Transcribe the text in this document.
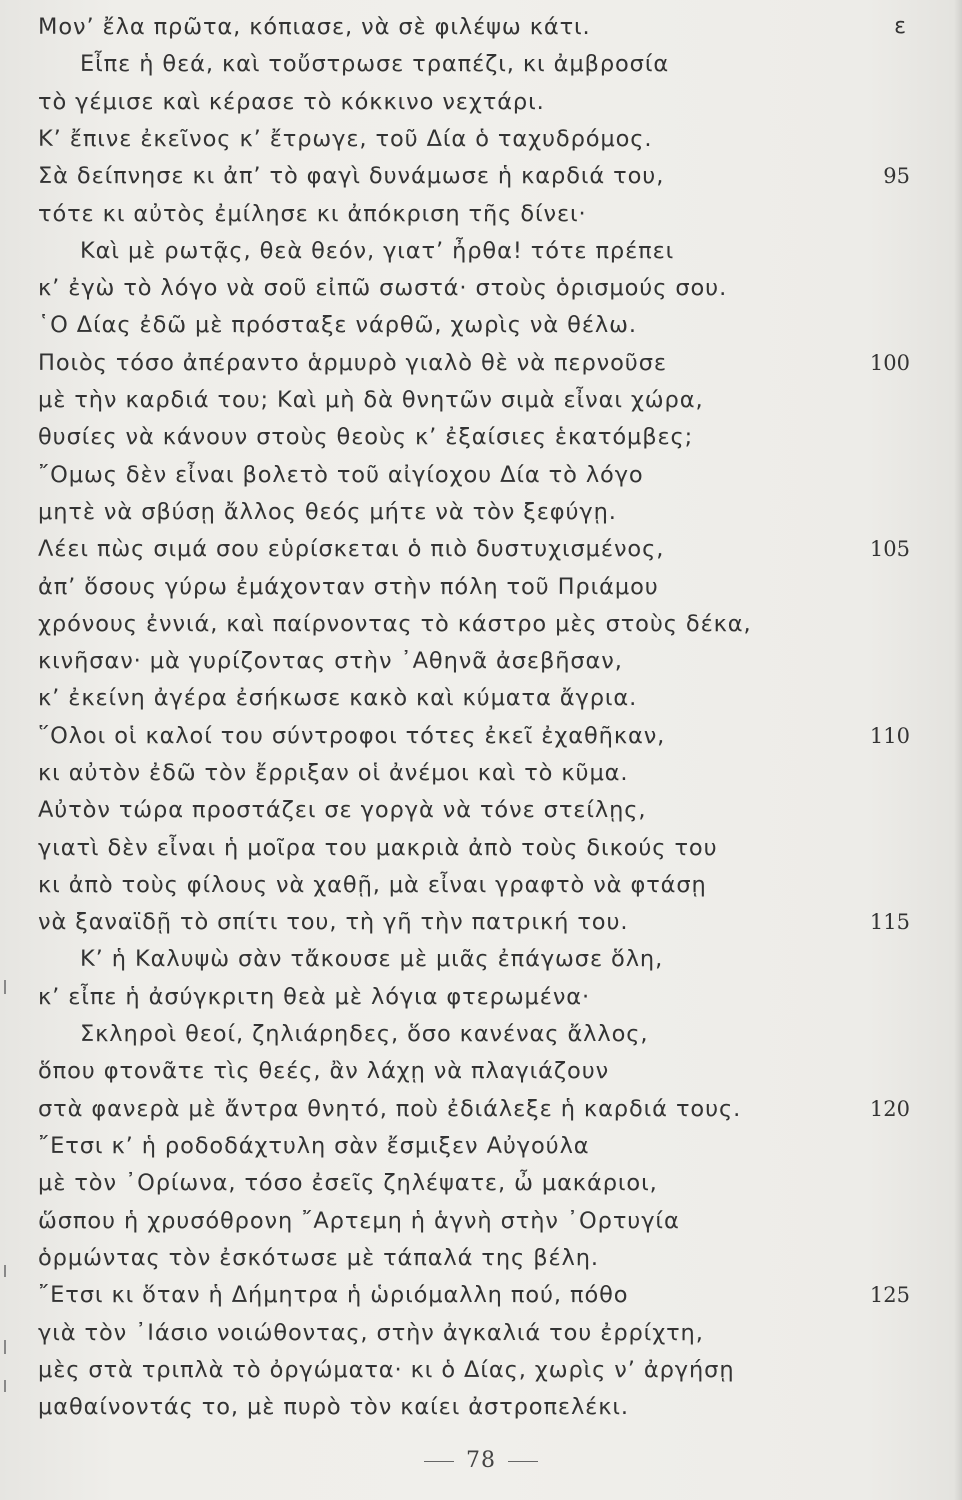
ε
Μον’ ἔλα πρῶτα, κόπιασε, νὰ σὲ φιλέψω κάτι.
Εἶπε ἡ θεά, καὶ τοὔστρωσε τραπέζι, κι ἀμβροσία
τὸ γέμισε καὶ κέρασε τὸ κόκκινο νεχτάρι.
Κ’ ἔπινε ἐκεῖνος κ’ ἔτρωγε, τοῦ Δία ὁ ταχυδρόμος.
Σὰ δείπνησε κι ἀπ’ τὸ φαγὶ δυνάμωσε ἡ καρδιά του,	95
τότε κι αὐτὸς ἐμίλησε κι ἀπόκριση τῆς δίνει·
Καὶ μὲ ρωτᾷς, θεὰ θεόν, γιατ’ ἦρθα! τότε πρέπει
κ’ ἐγὼ τὸ λόγο νὰ σοῦ εἰπῶ σωστά· στοὺς ὁρισμούς σου.
῾Ο Δίας ἐδῶ μὲ πρόσταξε νάρθῶ, χωρὶς νὰ θέλω.
Ποιὸς τόσο ἀπέραντο ἁρμυρὸ γιαλὸ θὲ νὰ περνοῦσε	100
μὲ τὴν καρδιά του; Καὶ μὴ δὰ θνητῶν σιμὰ εἶναι χώρα,
θυσίες νὰ κάνουν στοὺς θεοὺς κ’ ἐξαίσιες ἑκατόμβες;
῎Ομως δὲν εἶναι βολετὸ τοῦ αἰγίοχου Δία τὸ λόγο
μητὲ νὰ σβύσῃ ἄλλος θεός μήτε νὰ τὸν ξεφύγῃ.
Λέει πὼς σιμά σου εὑρίσκεται ὁ πιὸ δυστυχισμένος,	105
ἀπ’ ὅσους γύρω ἐμάχονταν στὴν πόλη τοῦ Πριάμου
χρόνους ἐννιά, καὶ παίρνοντας τὸ κάστρο μὲς στοὺς δέκα,
κινῆσαν· μὰ γυρίζοντας στὴν ᾿Αθηνᾶ ἀσεβῆσαν,
κ’ ἐκείνη ἀγέρα ἐσήκωσε κακὸ καὶ κύματα ἄγρια.
῞Ολοι οἱ καλοί του σύντροφοι τότες ἐκεῖ ἐχαθῆκαν,	110
κι αὐτὸν ἐδῶ τὸν ἔρριξαν οἱ ἀνέμοι καὶ τὸ κῦμα.
Αὐτὸν τώρα προστάζει σε γοργὰ νὰ τόνε στείλῃς,
γιατὶ δὲν εἶναι ἡ μοῖρα του μακριὰ ἀπὸ τοὺς δικούς του
κι ἀπὸ τοὺς φίλους νὰ χαθῇ, μὰ εἶναι γραφτὸ νὰ φτάσῃ
νὰ ξαναϊδῇ τὸ σπίτι του, τὴ γῆ τὴν πατρική του.	115
Κ’ ἡ Καλυψὼ σὰν τἄκουσε μὲ μιᾶς ἐπάγωσε ὅλη,
κ’ εἶπε ἡ ἀσύγκριτη θεὰ μὲ λόγια φτερωμένα·
Σκληροὶ θεοί, ζηλιάρηδες, ὅσο κανένας ἄλλος,
ὅπου φτονᾶτε τὶς θεές, ἂν λάχῃ νὰ πλαγιάζουν
στὰ φανερὰ μὲ ἄντρα θνητό, ποὺ ἐδιάλεξε ἡ καρδιά τους.	120
῎Ετσι κ’ ἡ ροδοδάχτυλη σὰν ἔσμιξεν Αὐγούλα
μὲ τὸν ᾿Ορίωνα, τόσο ἐσεῖς ζηλέψατε, ὦ μακάριοι,
ὥσπου ἡ χρυσόθρονη ῎Αρτεμη ἡ ἁγνὴ στὴν ᾿Ορτυγία
ὁρμώντας τὸν ἐσκότωσε μὲ τάπαλά της βέλη.
῎Ετσι κι ὅταν ἡ Δήμητρα ἡ ὡριόμαλλη πού, πόθο	125
γιὰ τὸν ᾿Ιάσιο νοιώθοντας, στὴν ἀγκαλιά του ἐρρίχτη,
μὲς στὰ τριπλὰ τὸ ὀργώματα· κι ὁ Δίας, χωρὶς ν’ ἀργήσῃ
μαθαίνοντάς το, μὲ πυρὸ τὸν καίει ἀστροπελέκι.
78
